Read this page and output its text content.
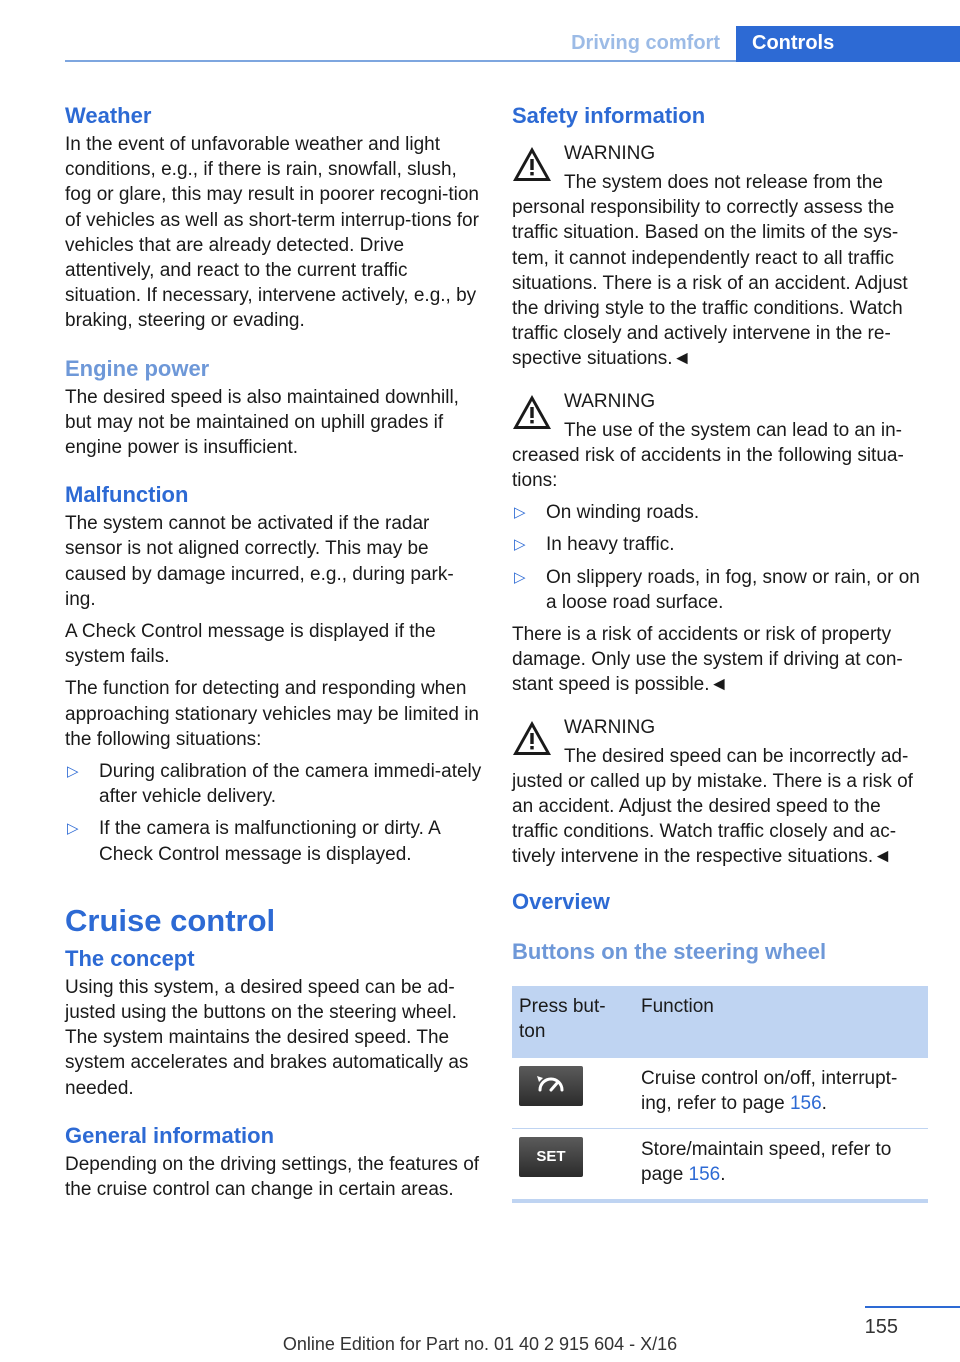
Driving comfort	Controls
Weather

In the event of unfavorable weather and light conditions, e.g., if there is rain, snowfall, slush, fog or glare, this may result in poorer recogni-tion of vehicles as well as short-term interrup-tions for vehicles that are already detected. Drive attentively, and react to the current traffic situation. If necessary, intervene actively, e.g., by braking, steering or evading.

Engine power

The desired speed is also maintained downhill, but may not be maintained on uphill grades if engine power is insufficient.

Malfunction

The system cannot be activated if the radar sensor is not aligned correctly. This may be caused by damage incurred, e.g., during park-ing.

A Check Control message is displayed if the system fails.

The function for detecting and responding when approaching stationary vehicles may be limited in the following situations:

▷ During calibration of the camera immedi-ately after vehicle delivery.
▷ If the camera is malfunctioning or dirty. A Check Control message is displayed.
Cruise control
The concept

Using this system, a desired speed can be ad-justed using the buttons on the steering wheel. The system maintains the desired speed. The system accelerates and brakes automatically as needed.

General information

Depending on the driving settings, the features of the cruise control can change in certain areas.

Safety information
WARNING
The system does not release from the
personal responsibility to correctly assess the traffic situation. Based on the limits of the sys-tem, it cannot independently react to all traffic situations. There is a risk of an accident. Adjust the driving style to the traffic conditions. Watch traffic closely and actively intervene in the re-spective situations.◄
WARNING
The use of the system can lead to an in-
creased risk of accidents in the following situa-tions:
▷ On winding roads.
▷ In heavy traffic.
▷ On slippery roads, in fog, snow or rain, or on a loose road surface.

There is a risk of accidents or risk of property damage. Only use the system if driving at con-stant speed is possible.◄

WARNING
The desired speed can be incorrectly ad-
justed or called up by mistake. There is a risk of an accident. Adjust the desired speed to the traffic conditions. Watch traffic closely and ac-tively intervene in the respective situations.◄
Overview
Buttons on the steering wheel
Press but-ton	Function

	Cruise control on/off, interrupt-ing, refer to page 156.

SET	Store/maintain speed, refer to page 156.
155
Online Edition for Part no. 01 40 2 915 604 - X/16
